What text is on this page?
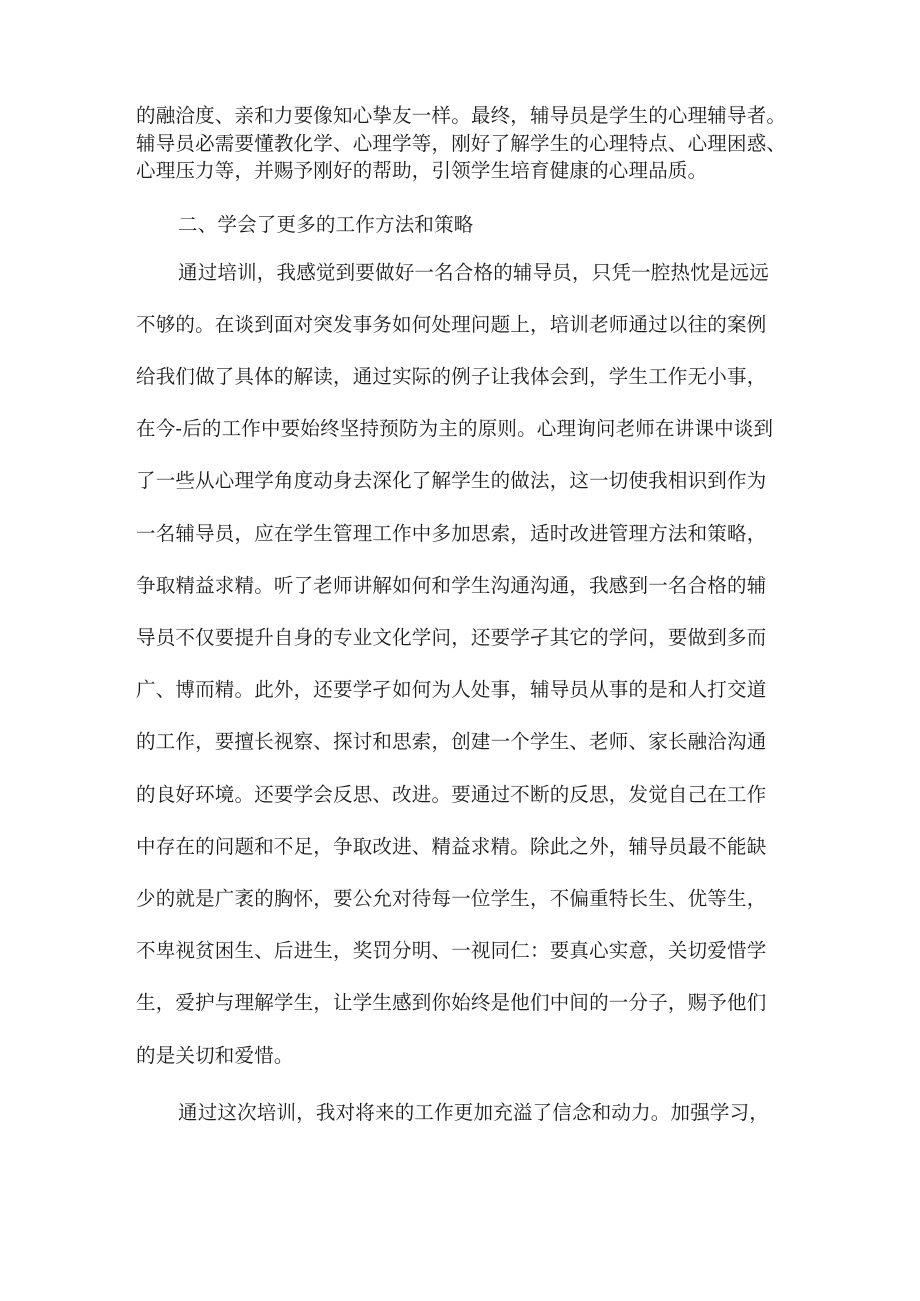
的融洽度、亲和力要像知心挚友一样。最终，辅导员是学生的心理辅导者。
辅导员必需要懂教化学、心理学等，刚好了解学生的心理特点、心理困惑、
心理压力等，并赐予刚好的帮助，引领学生培育健康的心理品质。
二、学会了更多的工作方法和策略
通过培训，我感觉到要做好一名合格的辅导员，只凭一腔热忱是远远
不够的。在谈到面对突发事务如何处理问题上，培训老师通过以往的案例
给我们做了具体的解读，通过实际的例子让我体会到，学生工作无小事，
在今-后的工作中要始终坚持预防为主的原则。心理询问老师在讲课中谈到
了一些从心理学角度动身去深化了解学生的做法，这一切使我相识到作为
一名辅导员，应在学生管理工作中多加思索，适时改进管理方法和策略，
争取精益求精。听了老师讲解如何和学生沟通沟通，我感到一名合格的辅
导员不仅要提升自身的专业文化学问，还要学孑其它的学问，要做到多而
广、博而精。此外，还要学孑如何为人处事，辅导员从事的是和人打交道
的工作，要擅长视察、探讨和思索，创建一个学生、老师、家长融洽沟通
的良好环境。还要学会反思、改进。要通过不断的反思，发觉自己在工作
中存在的问题和不足，争取改进、精益求精。除此之外，辅导员最不能缺
少的就是广袤的胸怀，要公允对待每一位学生，不偏重特长生、优等生，
不卑视贫困生、后进生，奖罚分明、一视同仁：要真心实意，关切爱惜学
生，爱护与理解学生，让学生感到你始终是他们中间的一分子，赐予他们
的是关切和爱惜。
通过这次培训，我对将来的工作更加充溢了信念和动力。加强学习，
